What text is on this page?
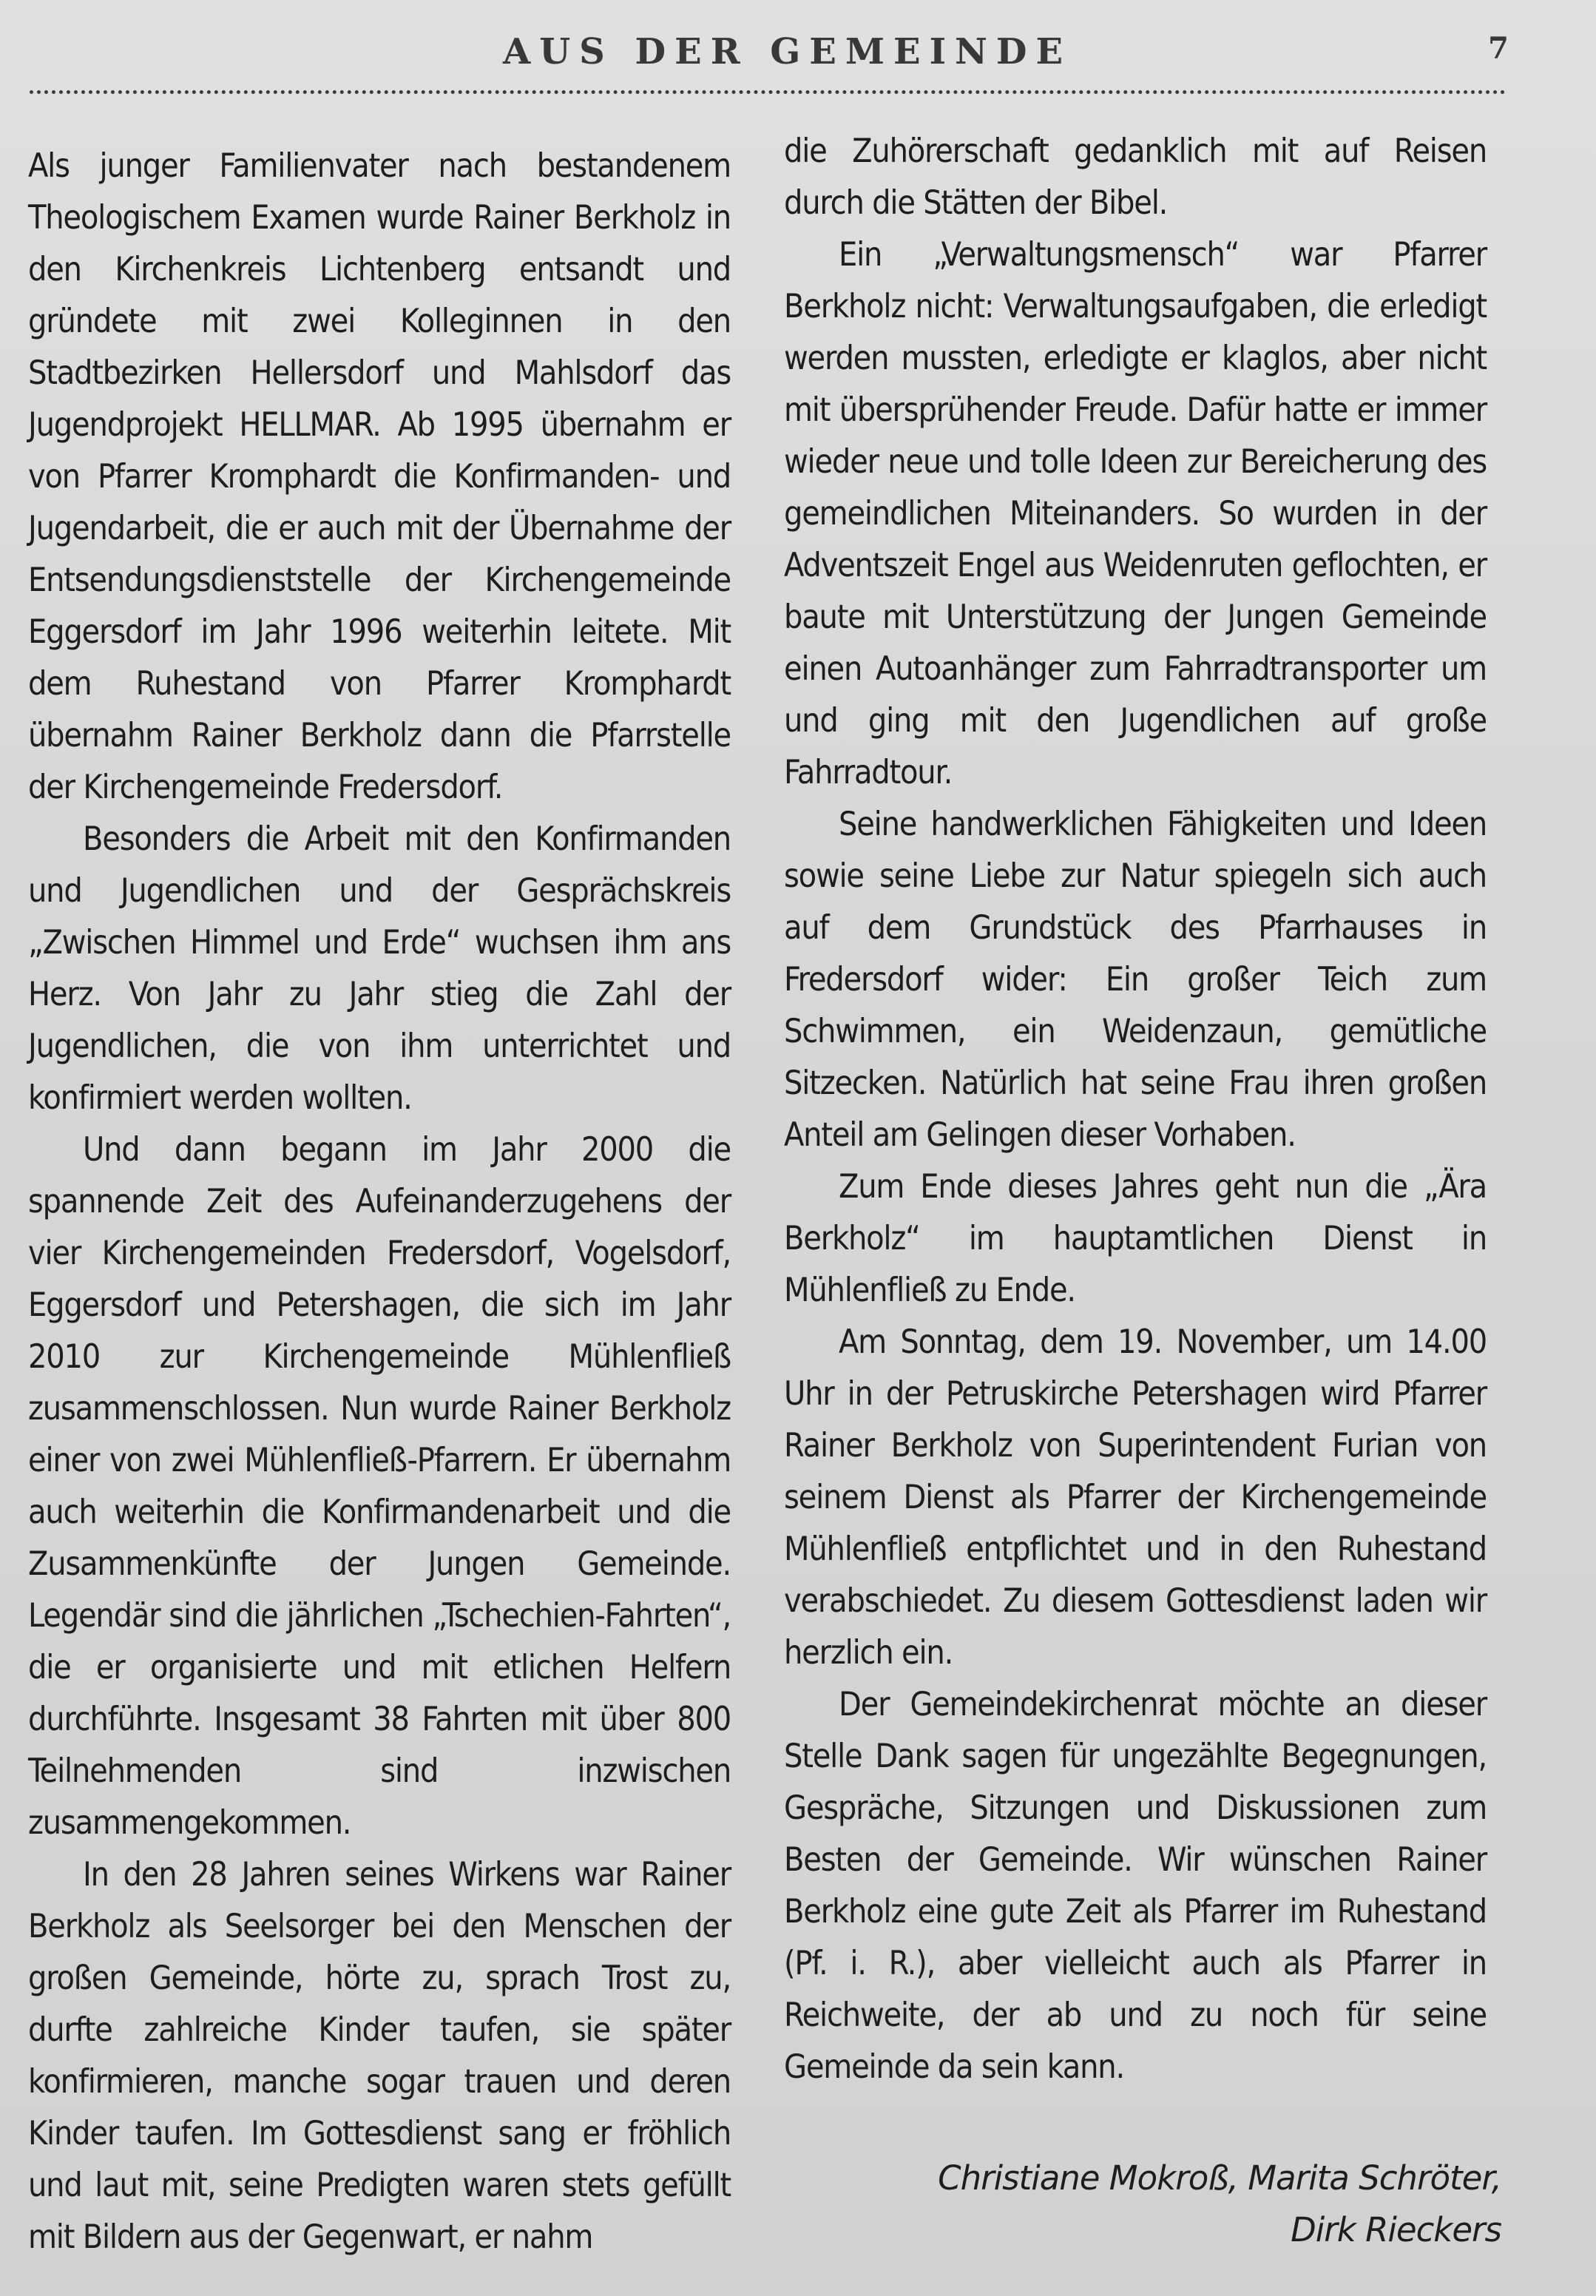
AUS DER GEMEINDE	7

Als junger Familienvater nach bestandenem Theologischem Examen wurde Rainer Berkholz in den Kirchenkreis Lichtenberg entsandt und gründete mit zwei Kolleginnen in den Stadtbezirken Hellersdorf und Mahlsdorf das Jugendprojekt HELLMAR. Ab 1995 übernahm er von Pfarrer Kromphardt die Konfirmanden- und Jugendarbeit, die er auch mit der Übernahme der Entsendungsdienststelle der Kirchengemeinde Eggersdorf im Jahr 1996 weiterhin leitete. Mit dem Ruhestand von Pfarrer Kromphardt übernahm Rainer Berkholz dann die Pfarrstelle der Kirchengemeinde Fredersdorf.

Besonders die Arbeit mit den Konfirmanden und Jugendlichen und der Gesprächskreis „Zwischen Himmel und Erde“ wuchsen ihm ans Herz. Von Jahr zu Jahr stieg die Zahl der Jugendlichen, die von ihm unterrichtet und konfirmiert werden wollten.

Und dann begann im Jahr 2000 die spannende Zeit des Aufeinanderzugehens der vier Kirchengemeinden Fredersdorf, Vogelsdorf, Eggersdorf und Petershagen, die sich im Jahr 2010 zur Kirchengemeinde Mühlenfließ zusammenschlossen. Nun wurde Rainer Berkholz einer von zwei Mühlenfließ-Pfarrern. Er übernahm auch weiterhin die Konfirmandenarbeit und die Zusammenkünfte der Jungen Gemeinde. Legendär sind die jährlichen „Tschechien-Fahrten“, die er organisierte und mit etlichen Helfern durchführte. Insgesamt 38 Fahrten mit über 800 Teilnehmenden sind inzwischen zusammengekommen.

In den 28 Jahren seines Wirkens war Rainer Berkholz als Seelsorger bei den Menschen der großen Gemeinde, hörte zu, sprach Trost zu, durfte zahlreiche Kinder taufen, sie später konfirmieren, manche sogar trauen und deren Kinder taufen. Im Gottesdienst sang er fröhlich und laut mit, seine Predigten waren stets gefüllt mit Bildern aus der Gegenwart, er nahm

die Zuhörerschaft gedanklich mit auf Reisen durch die Stätten der Bibel.

Ein „Verwaltungsmensch“ war Pfarrer Berkholz nicht: Verwaltungsaufgaben, die erledigt werden mussten, erledigte er klaglos, aber nicht mit übersprühender Freude. Dafür hatte er immer wieder neue und tolle Ideen zur Bereicherung des gemeindlichen Miteinanders. So wurden in der Adventszeit Engel aus Weidenruten geflochten, er baute mit Unterstützung der Jungen Gemeinde einen Autoanhänger zum Fahrradtransporter um und ging mit den Jugendlichen auf große Fahrradtour.

Seine handwerklichen Fähigkeiten und Ideen sowie seine Liebe zur Natur spiegeln sich auch auf dem Grundstück des Pfarrhauses in Fredersdorf wider: Ein großer Teich zum Schwimmen, ein Weidenzaun, gemütliche Sitzecken. Natürlich hat seine Frau ihren großen Anteil am Gelingen dieser Vorhaben.

Zum Ende dieses Jahres geht nun die „Ära Berkholz“ im hauptamtlichen Dienst in Mühlenfließ zu Ende.

Am Sonntag, dem 19. November, um 14.00 Uhr in der Petruskirche Petershagen wird Pfarrer Rainer Berkholz von Superintendent Furian von seinem Dienst als Pfarrer der Kirchengemeinde Mühlenfließ entpflichtet und in den Ruhestand verabschiedet. Zu diesem Gottesdienst laden wir herzlich ein.

Der Gemeindekirchenrat möchte an dieser Stelle Dank sagen für ungezählte Begegnungen, Gespräche, Sitzungen und Diskussionen zum Besten der Gemeinde. Wir wünschen Rainer Berkholz eine gute Zeit als Pfarrer im Ruhestand (Pf. i. R.), aber vielleicht auch als Pfarrer in Reichweite, der ab und zu noch für seine Gemeinde da sein kann.

Christiane Mokroß, Marita Schröter,
Dirk Rieckers
